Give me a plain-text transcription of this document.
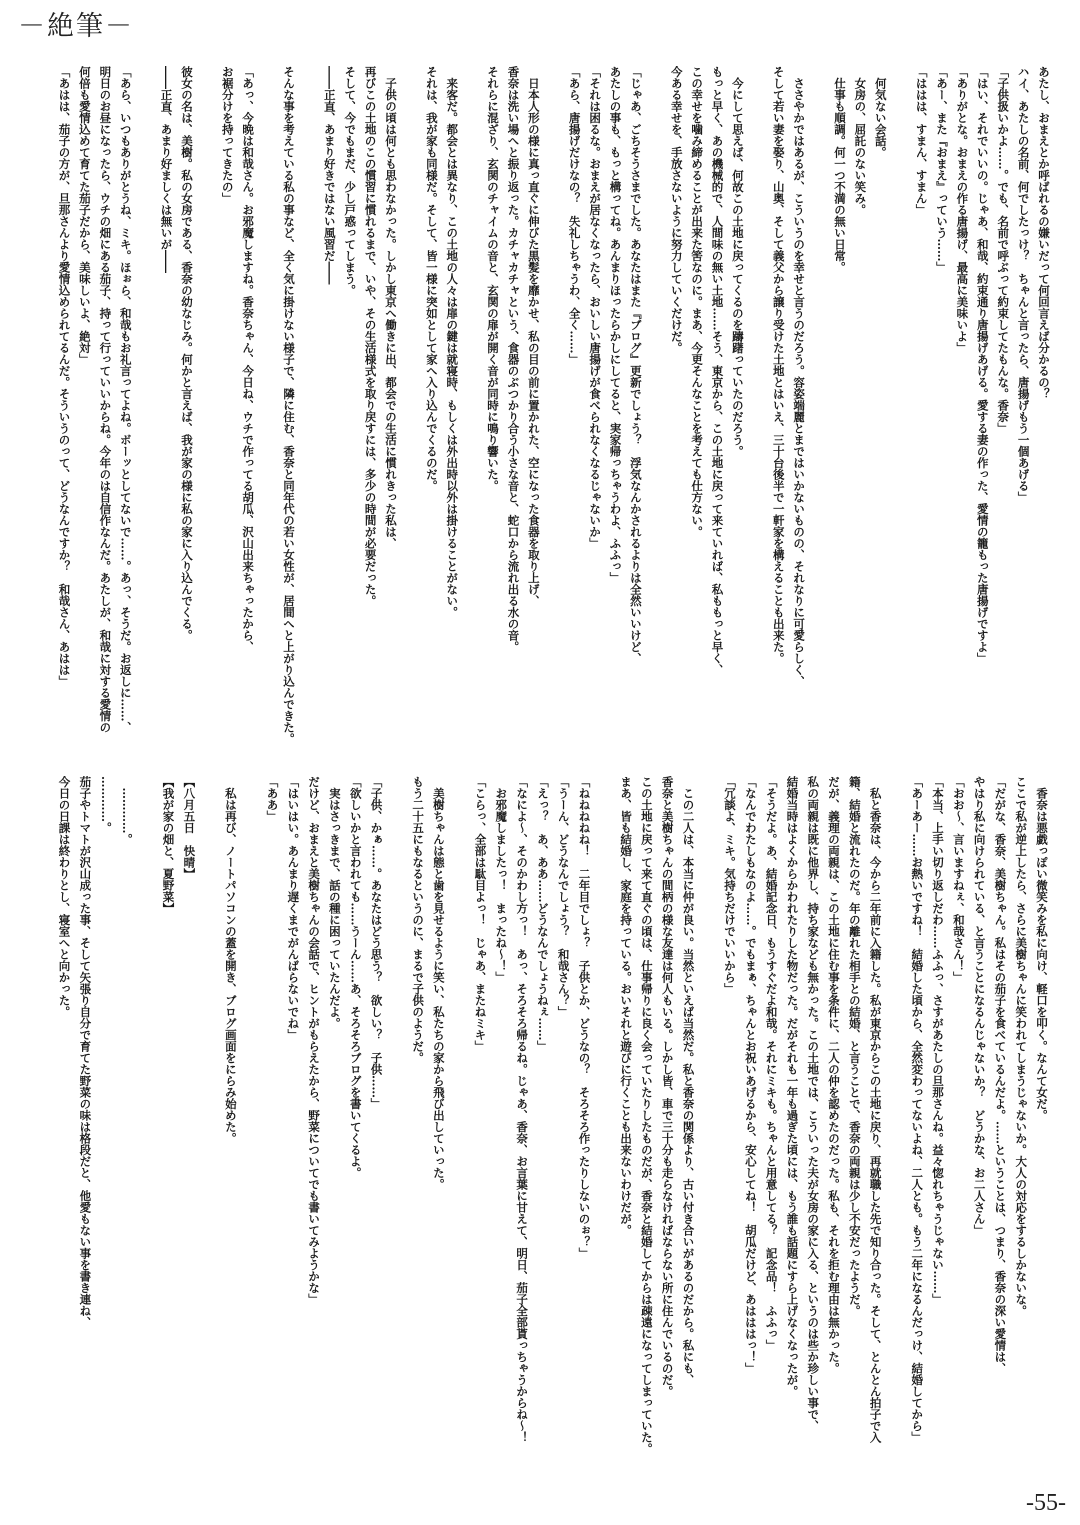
－絶筆－
あたし、おまえとか呼ばれるの嫌いだって何回言えば分かるの？
ハイ、あたしの名前、何でしたっけ？　ちゃんと言ったら、唐揚げもう一個あげる」
「子供扱いかよ……。でも、名前で呼ぶって約束してたもんな。香奈」
「はい、それでいいの。じゃあ、和哉、約束通り唐揚げあげる。愛する妻の作った、愛情の籠もった唐揚げですよ」
「ありがとな。おまえの作る唐揚げ、最高に美味いよ」
「あー、また『おまえ』っていう……」
「ははは、すまん、すまん」

　何気ない会話。
　女房の、屈託のない笑み。
　仕事も順調。何一つ不満の無い日常。

　ささやかではあるが、こういうのを幸せと言うのだろう。容姿端麗とまではいかないものの、それなりに可愛らしく、
そして若い妻を娶り、山奥、そして義父から譲り受けた土地とはいえ、三十台後半で一軒家を構えることも出来た。

　今にして思えば、何故この土地に戻ってくるのを躊躇っていたのだろう。
もっと早く、あの機械的で、人間味の無い土地……そう、東京から、この土地に戻って来ていれば、私ももっと早く、
この幸せを噛み締めることが出来た筈なのに。まあ、今更そんなことを考えても仕方ない。
今ある幸せを、手放さないように努力していくだけだ。

「じゃあ、ごちそうさまでした。あなたはまた『ブログ』更新でしょう？　浮気なんかされるよりは全然いいけど、
あたしの事も、もっと構ってね。あんまりほったらかしにしてると、実家帰っちゃうわよ、ふふっ」
「それは困るな。おまえが居なくなったら、おいしい唐揚げが食べられなくなるじゃないか」
「あら、唐揚げだけなの？　失礼しちゃうわ、全く……」

　日本人形の様に真っ直ぐに伸びた黒髪を靡かせ、私の目の前に置かれた、空になった食器を取り上げ、
香奈は洗い場へと振り返った。カチャカチャという、食器のぶつかり合う小さな音と、蛇口から流れ出る水の音。
それらに混ざり、玄関のチャイムの音と、玄関の扉が開く音が同時に鳴り響いた。

　来客だ。都会とは異なり、この土地の人々は扉の鍵は就寝時、もしくは外出時以外は掛けることがない。
それは、我が家も同様だ。そして、皆一様に突如として家へ入り込んでくるのだ。

　子供の頃は何とも思わなかった。しかし東京へ働きに出、都会での生活に慣れきった私は、
再びこの土地のこの慣習に慣れるまで、いや、その生活様式を取り戻すには、多少の時間が必要だった。
そして、今でもまだ、少し戸惑ってしまう。
――正直、あまり好きではない風習だ――

そんな事を考えている私の事など、全く気に掛けない様子で、隣に住む、香奈と同年代の若い女性が、居間へと上がり込んできた。

「あっ、今晩は和哉さん。お邪魔しますね。香奈ちゃん、今日ね、ウチで作ってる胡瓜、沢山出来ちゃったから、
お裾分けを持ってきたの」

彼女の名は、美樹。私の女房である、香奈の幼なじみ。何かと言えば、我が家の様に私の家に入り込んでくる。
――正直、あまり好ましくは無いが――

「あら、いつもありがとうね、ミキ。ほぉら、和哉もお礼言ってよね。ボーッとしてないで……。あっ、そうだ。お返しに……、
明日のお昼になったら、ウチの畑にある茄子、持って行っていいからね。今年のは自信作なんだ。あたしが、和哉に対する愛情の
何倍も愛情込めて育てた茄子だから、美味しいよ、絶対」
「あはは、茄子の方が、旦那さんより愛情込められてるんだ。そういうのって、どうなんですか？　和哉さん、あはは」
　香奈は悪戯っぽい微笑みを私に向け、軽口を叩く。なんて女だ。
ここで私が逆上したら、さらに美樹ちゃんに笑われてしまうじゃないか。大人の対応をするしかないな。
「だがな、香奈、美樹ちゃん。私はその茄子を食べているんだよ。……ということは、つまり、香奈の深い愛情は、
やはり私に向けられている、と言うことになるんじゃないか？　どうかな、お二人さん」
「おお～、言いますねぇ、和哉さん！」
「本当、上手い切り返しだわ……ふふっ、さすがあたしの旦那さんね。益々惚れちゃうじゃない……」
「あーあー……お熱いですね！　結婚した頃から、全然変わってないよね、二人とも。もう二年になるんだっけ、結婚してから」

　私と香奈は、今から二年前に入籍した。私が東京からこの土地に戻り、再就職した先で知り合った。そして、とんとん拍子で入
籍、結婚と流れたのだ。年の離れた相手との結婚、と言うことで、香奈の両親は少し不安だったようだ。
だが、義理の両親は、この土地に住む事を条件に、二人の仲を認めたのだった。私も、それを拒む理由は無かった。
私の両親は既に他界し、持ち家なども無かった。この土地では、こういった夫が女房の家に入る、というのは些か珍しい事で、
結婚当時はよくからかわれたりした物だった。だがそれも一年も過ぎた頃には、もう誰も話題にすら上げなくなったが。
「そうだよ。あ、結婚記念日、もうすぐだよ和哉。それにミキも。ちゃんと用意してる？　記念品！　ふふっ」
「なんでわたしもなのよ……。でもまぁ、ちゃんとお祝いあげるから、安心してね！　胡瓜だけど、あはははっ！」
「冗談よ、ミキ。気持ちだけでいいから」

　この二人は、本当に仲が良い。当然といえば当然だ。私と香奈の関係より、古い付き合いがあるのだから。私にも、
香奈と美樹ちゃんの間柄の様な友達は何人もいる。しかし皆、車で三十分も走らなければならない所に住んでいるのだ。
この土地に戻って来て直ぐの頃は、仕事帰りに良く会っていたりしたものだが、香奈と結婚してからは疎遠になってしまっていた。
まあ、皆も結婚し、家庭を持っている。おいそれと遊びに行くことも出来ないわけだが。

「ねねねねね！　二年目でしょ？　子供とか、どうなの？　そろそろ作ったりしないのぉ？」
「うーん、どうなんでしょう？　和哉さん？」
「えっ？　あ、ああ……どうなんでしょうねぇ……」
「なによ～、そのかわし方っ！　あっ、そろそろ帰るね。じゃあ、香奈、お言葉に甘えて、明日、茄子全部貰っちゃうからね～！
　お邪魔しましたっ！　まったね～！」
「こらっ、全部は駄目よっ！　じゃあ、またねミキ」

　美樹ちゃんは態と歯を見せるように笑い、私たちの家から飛び出していった。
もう二十五にもなるというのに、まるで子供のようだ。

「子供、かぁ……。あなたはどう思う？　欲しい？　子供……」
「欲しいかと言われても……うーん……あ、そろそろブログを書いてくるよ。
　実はさっきまで、話の種に困っていたんだよ。
だけど、おまえと美樹ちゃんの会話で、ヒントがもらえたから、野菜についてでも書いてみようかな」
「はいはい。あんまり遅くまでがんばらないでね」
「ああ」

　私は再び、ノートパソコンの蓋を開き、ブログ画面をにらみ始めた。

【八月五日　快晴】
【我が家の畑と、夏野菜】

　…………。
…………。
茄子やトマトが沢山成った事、そして矢張り自分で育てた野菜の味は格段だと、他愛もない事を書き連ね、
今日の日課は終わりとし、寝室へと向かった。
-55-
